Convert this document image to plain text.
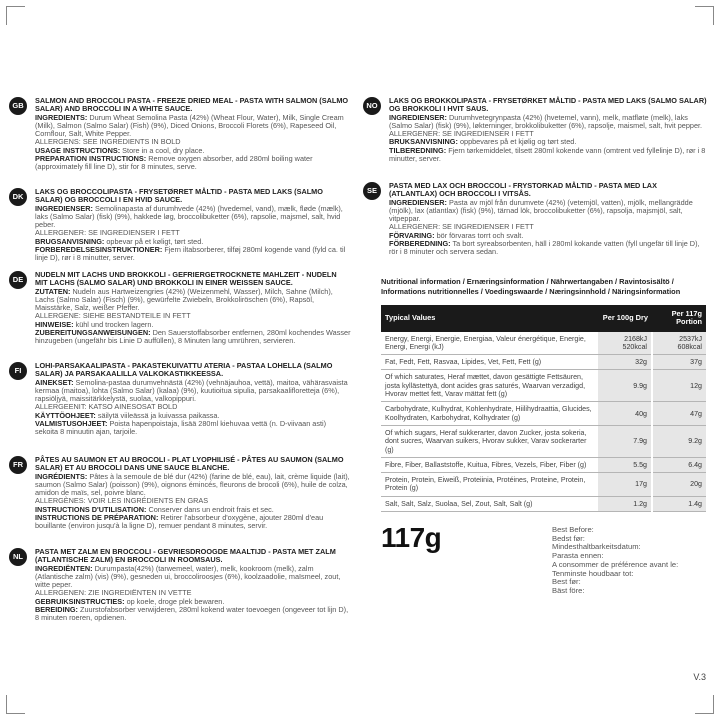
GB
SALMON AND BROCCOLI PASTA - FREEZE DRIED MEAL - PASTA WITH SALMON (SALMO SALAR) AND BROCCOLI IN A WHITE SAUCE.
INGREDIENTS: Durum Wheat Semolina Pasta (42%) (Wheat Flour, Water), Milk, Single Cream (Milk), Salmon (Salmo Salar) (Fish) (9%), Diced Onions, Broccoli Florets (6%), Rapeseed Oil, Cornflour, Salt, White Pepper.
ALLERGENS: SEE INGREDIENTS IN BOLD
USAGE INSTRUCTIONS: Store in a cool, dry place.
PREPARATION INSTRUCTIONS: Remove oxygen absorber, add 280ml boiling water (approximately fill line D), stir for 8 minutes, serve.
DK
LAKS OG BROCCOLIPASTA - FRYSETØRRET MÅLTID - PASTA MED LAKS (SALMO SALAR) OG BROCCOLI I EN HVID SAUCE.
INGREDIENSER: Semolinapasta af durumhvede (42%) (hvedemel, vand), mælk, fløde (mælk), laks (Salmo Salar) (fisk) (9%), hakkede løg, broccolibuketter (6%), rapsolie, majsmel, salt, hvid peber.
ALLERGENER: SE INGREDIENSER I FETT
BRUGSANVISNING: opbevar på et køligt, tørt sted.
FORBEREDELSESINSTRUKTIONER: Fjern iltabsorberer, tilføj 280ml kogende vand (fyld ca. til linje D), rør i 8 minutter, server.
DE
NUDELN MIT LACHS UND BROKKOLI - GEFRIERGETROCKNETE MAHLZEIT - NUDELN MIT LACHS (SALMO SALAR) UND BROKKOLI IN EINER WEISSEN SAUCE.
ZUTATEN: Nudeln aus Hartweizengries (42%) (Weizenmehl, Wasser), Milch, Sahne (Milch), Lachs (Salmo Salar) (Fisch) (9%), gewürfelte Zwiebeln, Brokkoliröschen (6%), Rapsöl, Maisstärke, Salz, weißer Pfeffer.
ALLERGENE: SIEHE BESTANDTEILE IN FETT
HINWEISE: kühl und trocken lagern.
ZUBEREITUNGSANWEISUNGEN: Den Sauerstoffabsorber entfernen, 280ml kochendes Wasser hinzugeben (ungefähr bis Linie D auffüllen), 8 Minuten lang umrühren, servieren.
FI
LOHI-PARSAKAALIPASTA - PAKASTEKUIVATTU ATERIA - PASTAA LOHELLA (SALMO SALAR) JA PARSAKAALILLA VALKOKASTIKKEESSA.
AINEKSET: Semolina-pastaa durumvehnästä (42%) (vehnäjauhoa, vettä), maitoa, vähärasvaista kermaa (maitoa), lohta (Salmo Salar) (kalaa) (9%), kuutioitua sipulia, parsakaalifloretteja (6%), rapsiöljyä, maissitärkkelystä, suolaa, valkopippuri.
ALLERGEENIT: KATSO AINESOSAT BOLD
KÄYTTÖOHJEET: säilytä viileässä ja kuivassa paikassa.
VALMISTUSOHJEET: Poista hapenpoistaja, lisää 280ml kiehuvaa vettä (n. D-viivaan asti) sekoita 8 minuutin ajan, tarjoile.
FR
PÂTES AU SAUMON ET AU BROCOLI - PLAT LYOPHILISÉ - PÂTES AU SAUMON (SALMO SALAR) ET AU BROCOLI DANS UNE SAUCE BLANCHE.
INGRÉDIENTS: Pâtes à la semoule de blé dur (42%) (farine de blé, eau), lait, crème liquide (lait), saumon (Salmo Salar) (poisson) (9%), oignons émincés, fleurons de brocoli (6%), huile de colza, amidon de maïs, sel, poivre blanc.
ALLERGÈNES: VOIR LES INGRÉDIENTS EN GRAS
INSTRUCTIONS D'UTILISATION: Conserver dans un endroit frais et sec.
INSTRUCTIONS DE PRÉPARATION: Retirer l'absorbeur d'oxygène, ajouter 280ml d'eau bouillante (environ jusqu'à la ligne D), remuer pendant 8 minutes, servir.
NL
PASTA MET ZALM EN BROCCOLI - GEVRIESDROOGDE MAALTIJD - PASTA MET ZALM (ATLANTISCHE ZALM) EN BROCCOLI IN ROOMSAUS.
INGREDIËNTEN: Durumpasta(42%) (tarwemeel, water), melk, kookroom (melk), zalm (Atlantische zalm) (vis) (9%), gesneden ui, broccoliroosjes (6%), koolzaadolie, maïsmeel, zout, witte peper.
ALLERGENEN: ZIE INGREDIËNTEN IN VETTE
GEBRUIKSINSTRUCTIES: op koele, droge plek bewaren.
BEREIDING: Zuurstofabsorber verwijderen, 280ml kokend water toevoegen (ongeveer tot lijn D), 8 minuten roeren, opdienen.
NO
LAKS OG BROKKOLIPASTA - FRYSETØRKET MÅLTID - PASTA MED LAKS (SALMO SALAR) OG BROKKOLI I HVIT SAUS.
INGREDIENSER: Durumhvetegrynpasta (42%) (hvetemel, vann), melk, matfløte (melk), laks (Salmo Salar) (fisk) (9%), løkterninger, brokkolibuketter (6%), rapsolje, maismel, salt, hvit pepper.
ALLERGENER: SE INGREDIENSER I FETT
BRUKSANVISNING: oppbevares på et kjølig og tørt sted.
TILBEREDNING: Fjern tørkemiddelet, tilsett 280ml kokende vann (omtrent ved fyllelinje D), rør i 8 minutter, server.
SE
PASTA MED LAX OCH BROCCOLI - FRYSTORKAD MÅLTID - PASTA MED LAX (ATLANTLAX) OCH BROCCOLI I VITSÅS.
INGREDIENSER: Pasta av mjöl från durumvete (42%) (vetemjöl, vatten), mjölk, mellangrädde (mjölk), lax (atlantlax) (fisk) (9%), tärnad lök, broccolibuketter (6%), rapsolja, majsmjöl, salt, vitpeppar.
ALLERGENER: SE INGREDIENSER I FETT
FÖRVARING: bör förvaras torrt och svalt.
FÖRBEREDNING: Ta bort syreabsorbenten, häll i 280ml kokande vatten (fyll ungefär till linje D), rör i 8 minuter och servera sedan.
Nutritional information / Ernæringsinformation / Nährwertangaben / Ravintosisältö / Informations nutritionnelles / Voedingswaarde / Næringsinnhold / Näringsinformation
Typical Values	Per 100g Dry	Per 117g Portion
Energy, Energi, Energie, Energiaa, Valeur énergétique, Energie, Energi, Energi (kJ)	2168kJ 520kcal	2537kJ 608kcal
Fat, Fedt, Fett, Rasvaa, Lipides, Vet, Fett, Fett (g)	32g	37g
Of which saturates, Heraf mættet, davon gesättigte Fettsäuren, josta kyllästettyä, dont acides gras saturés, Waarvan verzadigd, Hvorav mettet fett, Varav mättat fett (g)	9.9g	12g
Carbohydrate, Kulhydrat, Kohlenhydrate, Hiilihydraattia, Glucides, Koolhydraten, Karbohydrat, Kolhydrater (g)	40g	47g
Of which sugars, Heraf sukkerarter, davon Zucker, josta sokeria, dont sucres, Waarvan suikers, Hvorav sukker, Varav sockerarter (g)	7.9g	9.2g
Fibre, Fiber, Ballaststoffe, Kuitua, Fibres, Vezels, Fiber, Fiber (g)	5.5g	6.4g
Protein, Protein, Eiweiß, Proteiinia, Protéines, Proteine, Protein, Protein (g)	17g	20g
Salt, Salt, Salz, Suolaa, Sel, Zout, Salt, Salt (g)	1.2g	1.4g
117g	Best Before:
Bedst før:
Mindesthaltbarkeitsdatum:
Parasta ennen:
A consommer de préférence avant le:
Tenminste houdbaar tot:
Best før:
Bäst före:
V.3
